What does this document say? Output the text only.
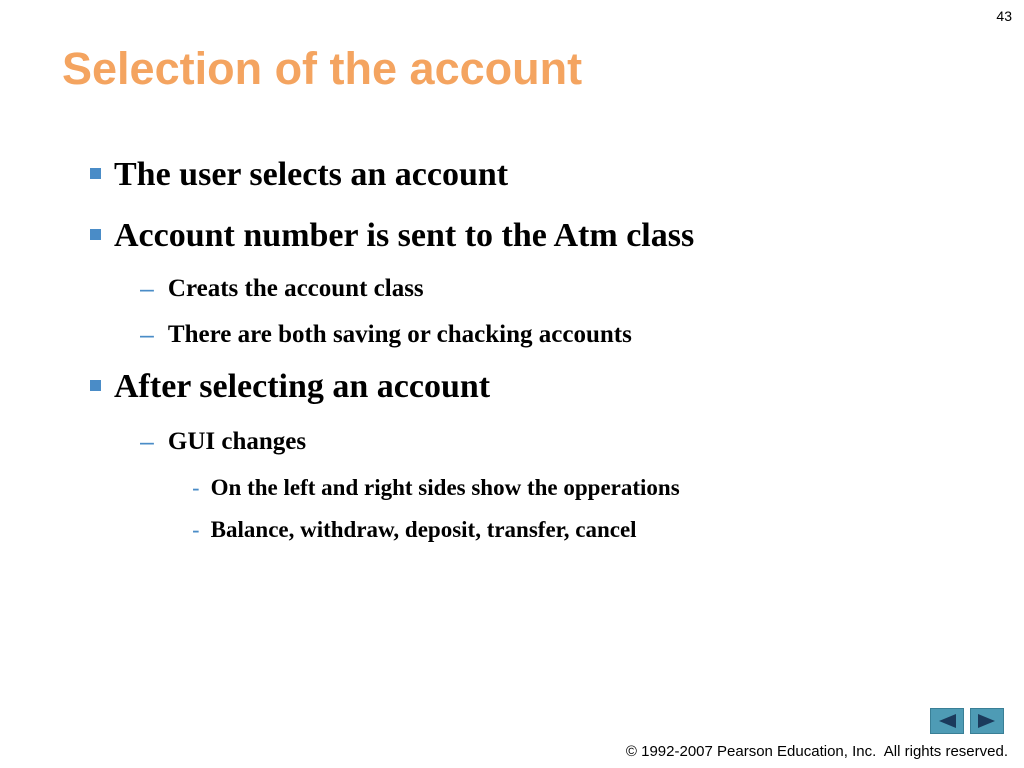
43
Selection of the account
The user selects an account
Account number is sent to the Atm class
– Creats the account class
– There are both saving or chacking accounts
After selecting an account
– GUI changes
- On the left and right sides show the opperations
- Balance, withdraw, deposit, transfer, cancel
© 1992-2007 Pearson Education, Inc.  All rights reserved.
